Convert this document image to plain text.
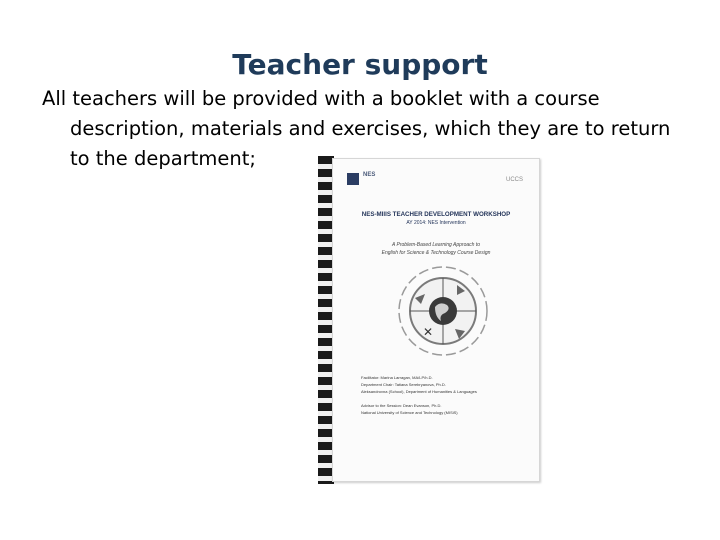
Teacher support
All teachers will be provided with a booklet with a course
description, materials and exercises, which they are to return
to the department;
NES
UCCS
NES-MIIIS TEACHER DEVELOPMENT WORKSHOP
AY 2014: NES Intervention
A Problem-Based Learning Approach to
English for Science & Technology Course Design
✕
Facilitator: Marina Larragan, MA/LP/h.D.
Department Chair: Tatiana Serebryanova, Ph.D.
Aleksandrovna (School), Department of Humanities & Languages
Advisor to the Session: Dean Evanson, Ph.D.
National University of Science and Technology (MISiS)
